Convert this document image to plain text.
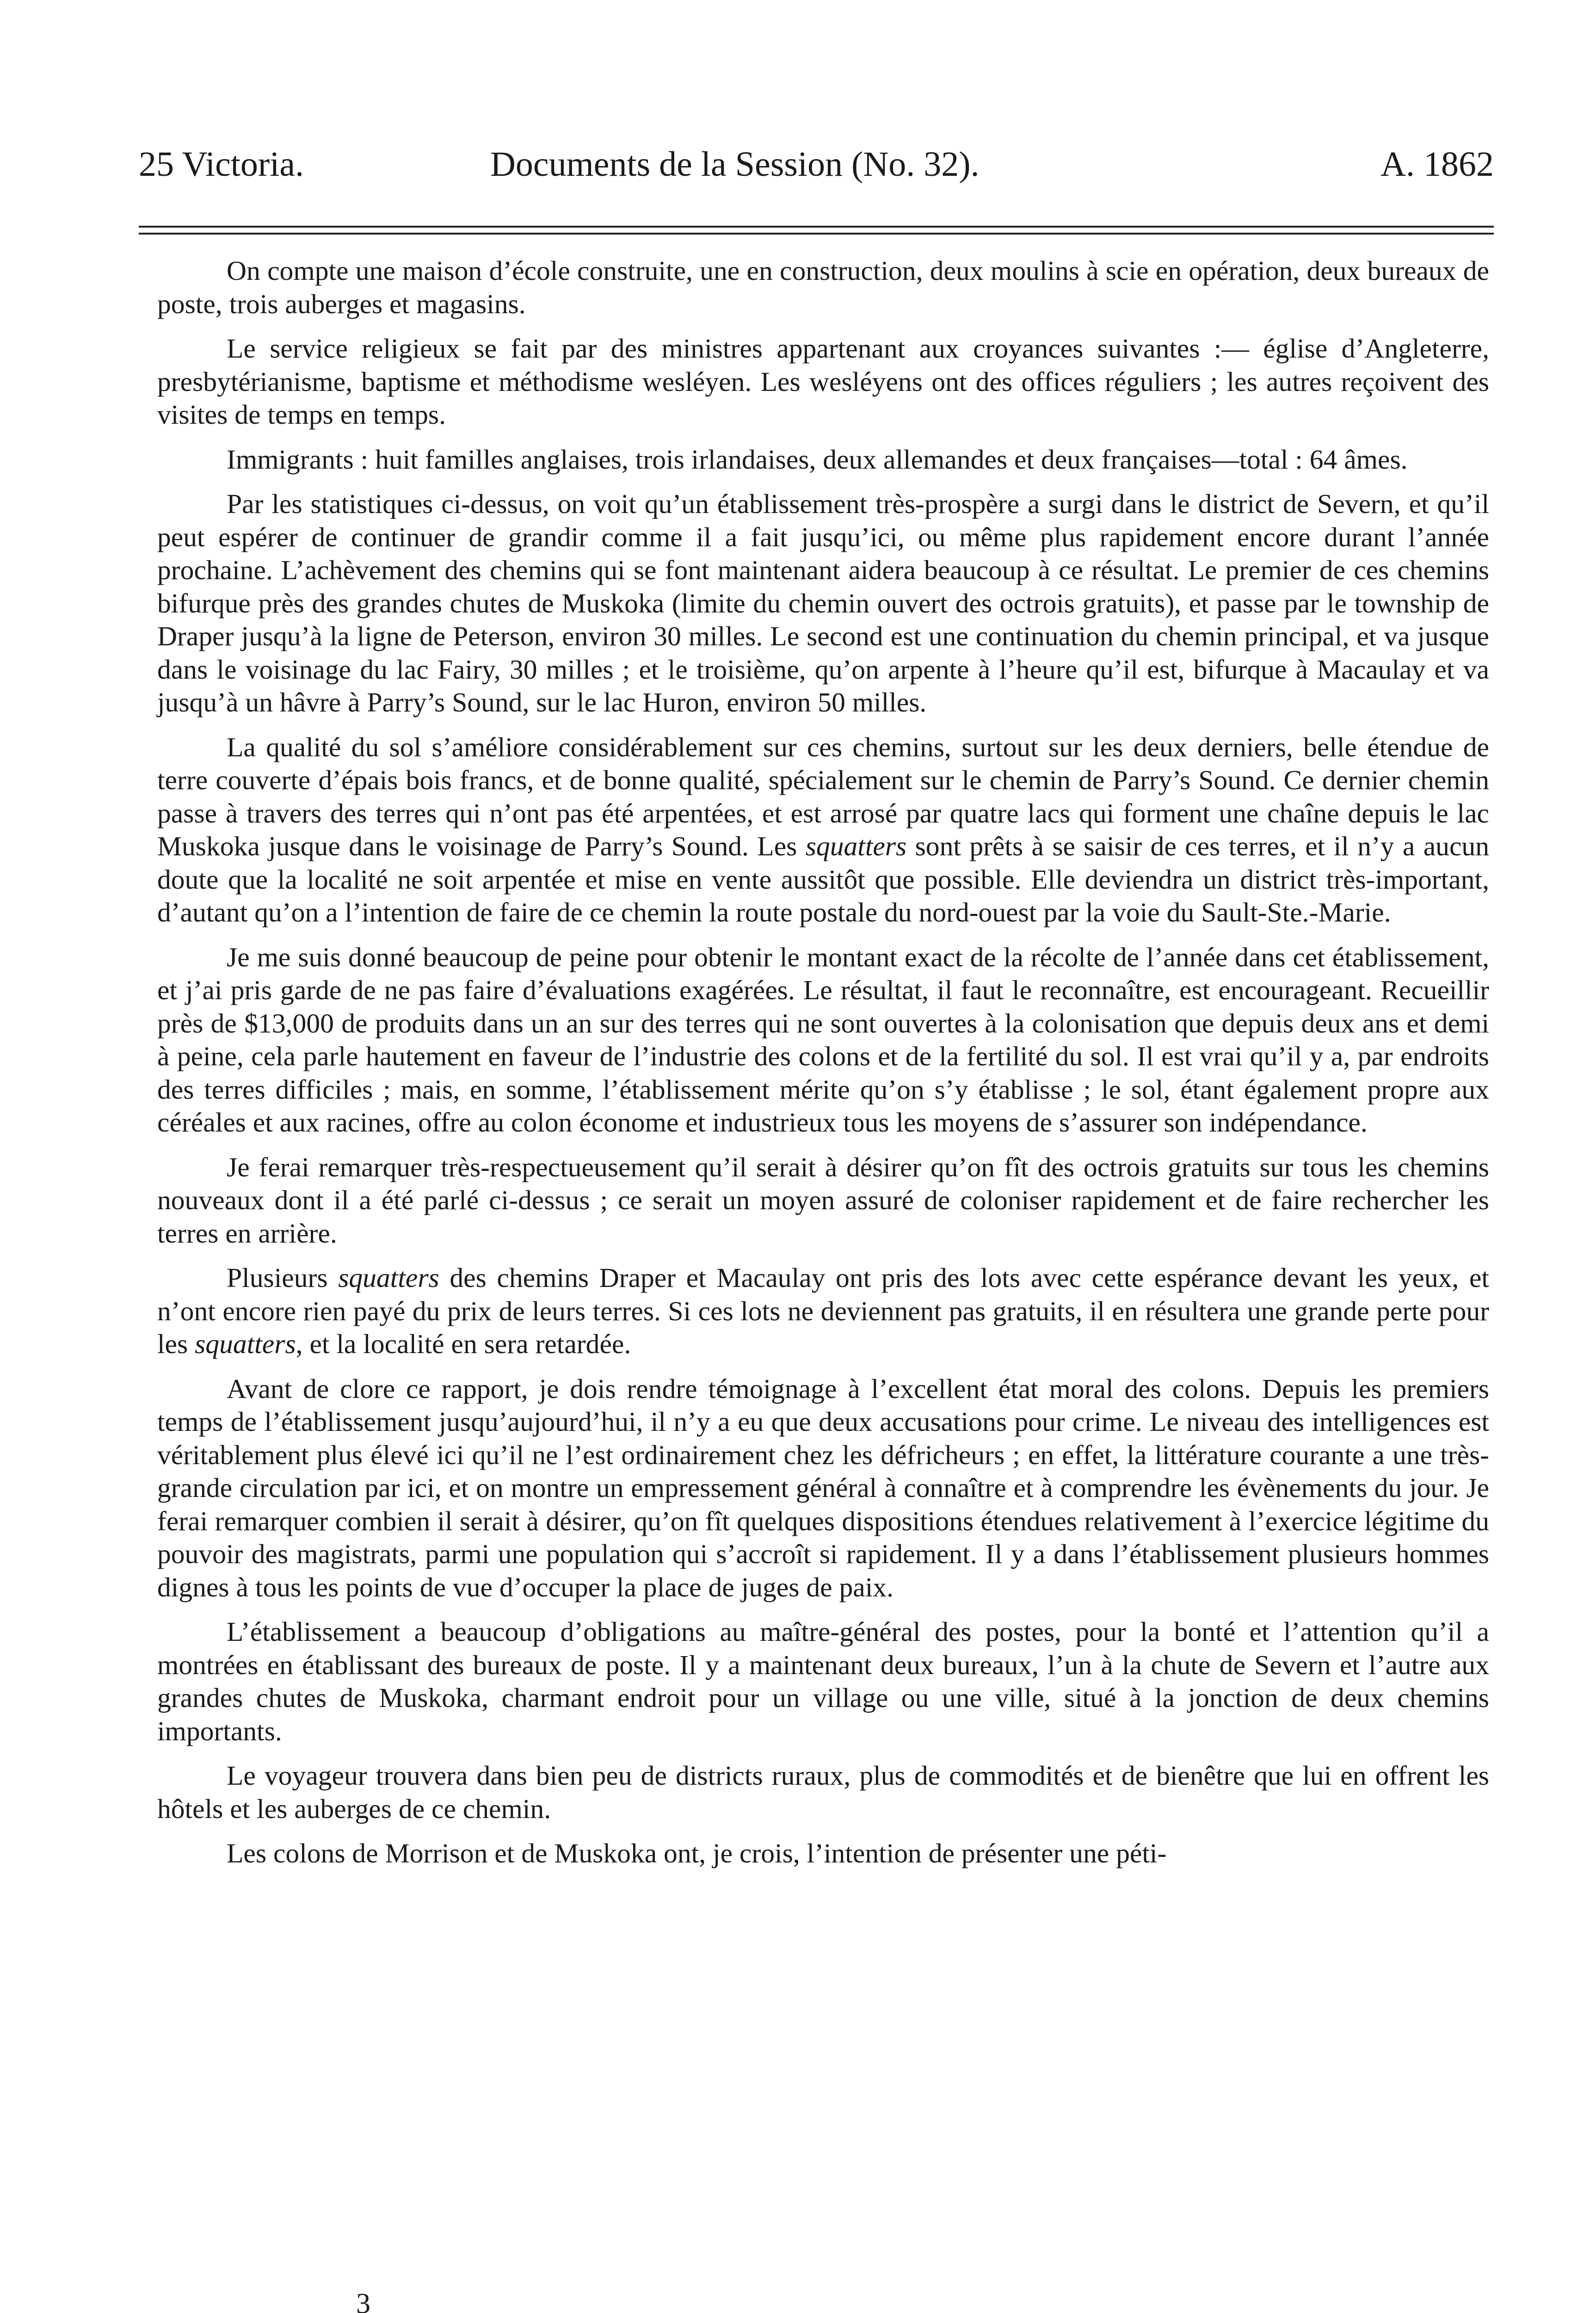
25 Victoria.	Documents de la Session (No. 32).	A. 1862

On compte une maison d’école construite, une en construction, deux moulins à scie en opération, deux bureaux de poste, trois auberges et magasins.

Le service religieux se fait par des ministres appartenant aux croyances suivantes :— église d’Angleterre, presbytérianisme, baptisme et méthodisme wesléyen. Les wesléyens ont des offices réguliers ; les autres reçoivent des visites de temps en temps.

Immigrants : huit familles anglaises, trois irlandaises, deux allemandes et deux françaises—total : 64 âmes.

Par les statistiques ci-dessus, on voit qu’un établissement très-prospère a surgi dans le district de Severn, et qu’il peut espérer de continuer de grandir comme il a fait jusqu’ici, ou même plus rapidement encore durant l’année prochaine. L’achèvement des chemins qui se font maintenant aidera beaucoup à ce résultat. Le premier de ces chemins bifurque près des grandes chutes de Muskoka (limite du chemin ouvert des octrois gratuits), et passe par le township de Draper jusqu’à la ligne de Peterson, environ 30 milles. Le second est une continuation du chemin principal, et va jusque dans le voisinage du lac Fairy, 30 milles ; et le troisième, qu’on arpente à l’heure qu’il est, bifurque à Macaulay et va jusqu’à un hâvre à Parry’s Sound, sur le lac Huron, environ 50 milles.

La qualité du sol s’améliore considérablement sur ces chemins, surtout sur les deux derniers, belle étendue de terre couverte d’épais bois francs, et de bonne qualité, spécialement sur le chemin de Parry’s Sound. Ce dernier chemin passe à travers des terres qui n’ont pas été arpentées, et est arrosé par quatre lacs qui forment une chaîne depuis le lac Muskoka jusque dans le voisinage de Parry’s Sound. Les squatters sont prêts à se saisir de ces terres, et il n’y a aucun doute que la localité ne soit arpentée et mise en vente aussitôt que possible. Elle deviendra un district très-important, d’autant qu’on a l’intention de faire de ce chemin la route postale du nord-ouest par la voie du Sault-Ste.-Marie.

Je me suis donné beaucoup de peine pour obtenir le montant exact de la récolte de l’année dans cet établissement, et j’ai pris garde de ne pas faire d’évaluations exagérées. Le résultat, il faut le reconnaître, est encourageant. Recueillir près de $13,000 de produits dans un an sur des terres qui ne sont ouvertes à la colonisation que depuis deux ans et demi à peine, cela parle hautement en faveur de l’industrie des colons et de la fertilité du sol. Il est vrai qu’il y a, par endroits des terres difficiles ; mais, en somme, l’établissement mérite qu’on s’y établisse ; le sol, étant également propre aux céréales et aux racines, offre au colon économe et industrieux tous les moyens de s’assurer son indépendance.

Je ferai remarquer très-respectueusement qu’il serait à désirer qu’on fît des octrois gratuits sur tous les chemins nouveaux dont il a été parlé ci-dessus ; ce serait un moyen assuré de coloniser rapidement et de faire rechercher les terres en arrière.

Plusieurs squatters des chemins Draper et Macaulay ont pris des lots avec cette espérance devant les yeux, et n’ont encore rien payé du prix de leurs terres. Si ces lots ne deviennent pas gratuits, il en résultera une grande perte pour les squatters, et la localité en sera retardée.

Avant de clore ce rapport, je dois rendre témoignage à l’excellent état moral des colons. Depuis les premiers temps de l’établissement jusqu’aujourd’hui, il n’y a eu que deux accusations pour crime. Le niveau des intelligences est véritablement plus élevé ici qu’il ne l’est ordinairement chez les défricheurs ; en effet, la littérature courante a une très-grande circulation par ici, et on montre un empressement général à connaître et à comprendre les évènements du jour. Je ferai remarquer combien il serait à désirer, qu’on fît quelques dispositions étendues relativement à l’exercice légitime du pouvoir des magistrats, parmi une population qui s’accroît si rapidement. Il y a dans l’établissement plusieurs hommes dignes à tous les points de vue d’occuper la place de juges de paix.

L’établissement a beaucoup d’obligations au maître-général des postes, pour la bonté et l’attention qu’il a montrées en établissant des bureaux de poste. Il y a maintenant deux bureaux, l’un à la chute de Severn et l’autre aux grandes chutes de Muskoka, charmant endroit pour un village ou une ville, situé à la jonction de deux chemins importants.

Le voyageur trouvera dans bien peu de districts ruraux, plus de commodités et de bienêtre que lui en offrent les hôtels et les auberges de ce chemin.

Les colons de Morrison et de Muskoka ont, je crois, l’intention de présenter une péti-

3
